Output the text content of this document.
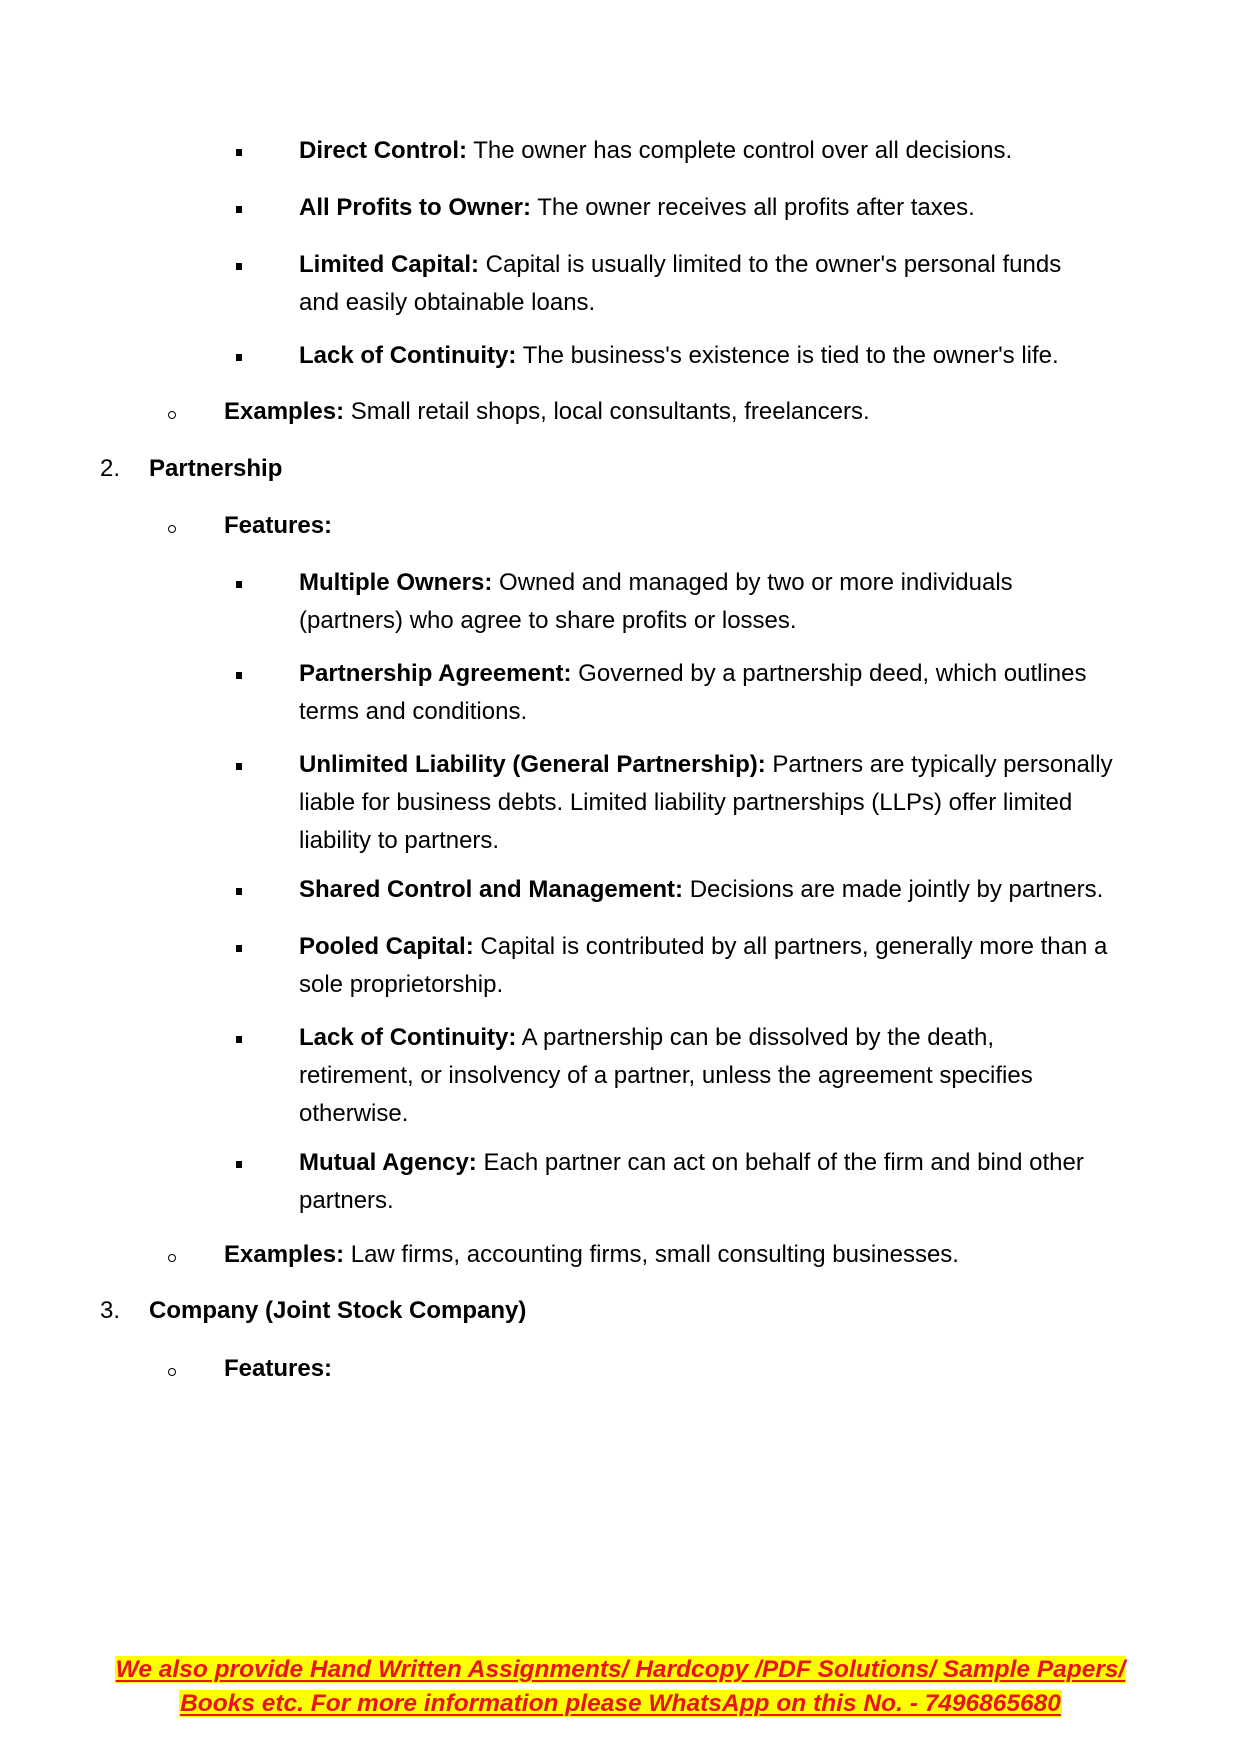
Direct Control: The owner has complete control over all decisions.
All Profits to Owner: The owner receives all profits after taxes.
Limited Capital: Capital is usually limited to the owner's personal funds and easily obtainable loans.
Lack of Continuity: The business's existence is tied to the owner's life.
Examples: Small retail shops, local consultants, freelancers.
2. Partnership
Features:
Multiple Owners: Owned and managed by two or more individuals (partners) who agree to share profits or losses.
Partnership Agreement: Governed by a partnership deed, which outlines terms and conditions.
Unlimited Liability (General Partnership): Partners are typically personally liable for business debts. Limited liability partnerships (LLPs) offer limited liability to partners.
Shared Control and Management: Decisions are made jointly by partners.
Pooled Capital: Capital is contributed by all partners, generally more than a sole proprietorship.
Lack of Continuity: A partnership can be dissolved by the death, retirement, or insolvency of a partner, unless the agreement specifies otherwise.
Mutual Agency: Each partner can act on behalf of the firm and bind other partners.
Examples: Law firms, accounting firms, small consulting businesses.
3. Company (Joint Stock Company)
Features:
We also provide Hand Written Assignments/ Hardcopy /PDF Solutions/ Sample Papers/
Books etc. For more information please WhatsApp on this No. - 7496865680
